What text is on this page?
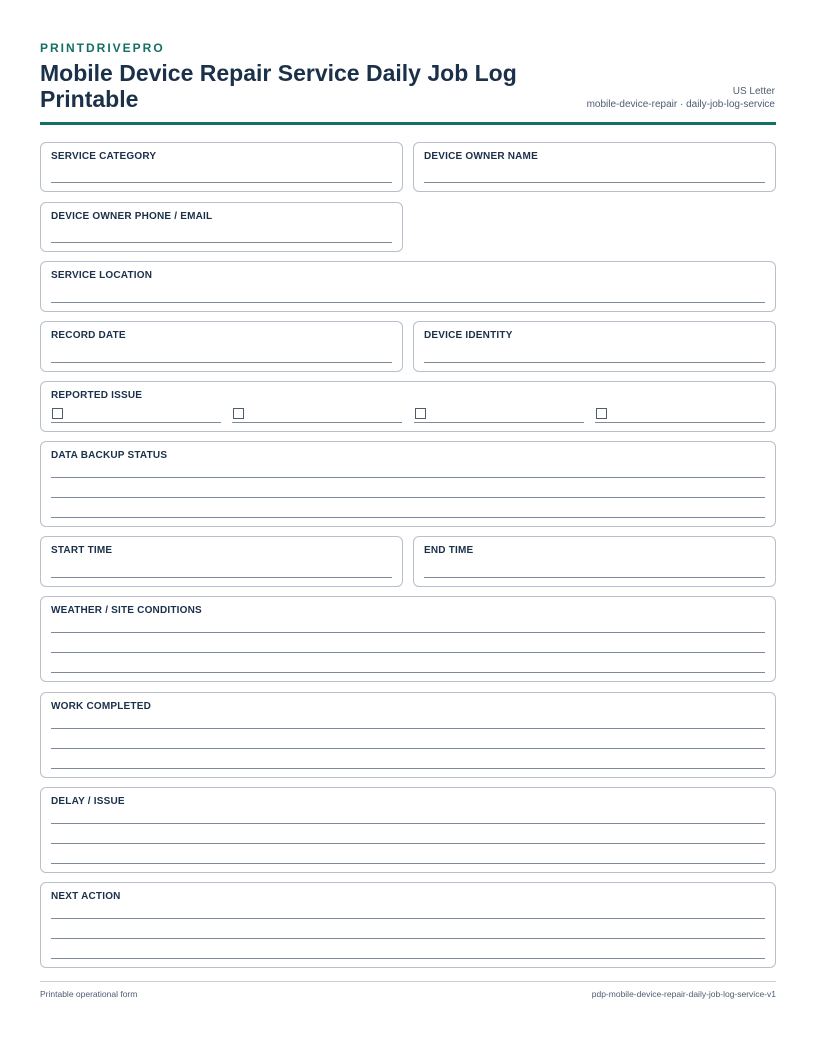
PRINTDRIVEPRO
Mobile Device Repair Service Daily Job Log Printable	US Letter
mobile-device-repair · daily-job-log-service
SERVICE CATEGORY	DEVICE OWNER NAME
DEVICE OWNER PHONE / EMAIL
SERVICE LOCATION
RECORD DATE	DEVICE IDENTITY
REPORTED ISSUE
DATA BACKUP STATUS
START TIME	END TIME
WEATHER / SITE CONDITIONS
WORK COMPLETED
DELAY / ISSUE
NEXT ACTION
Printable operational form	pdp-mobile-device-repair-daily-job-log-service-v1
